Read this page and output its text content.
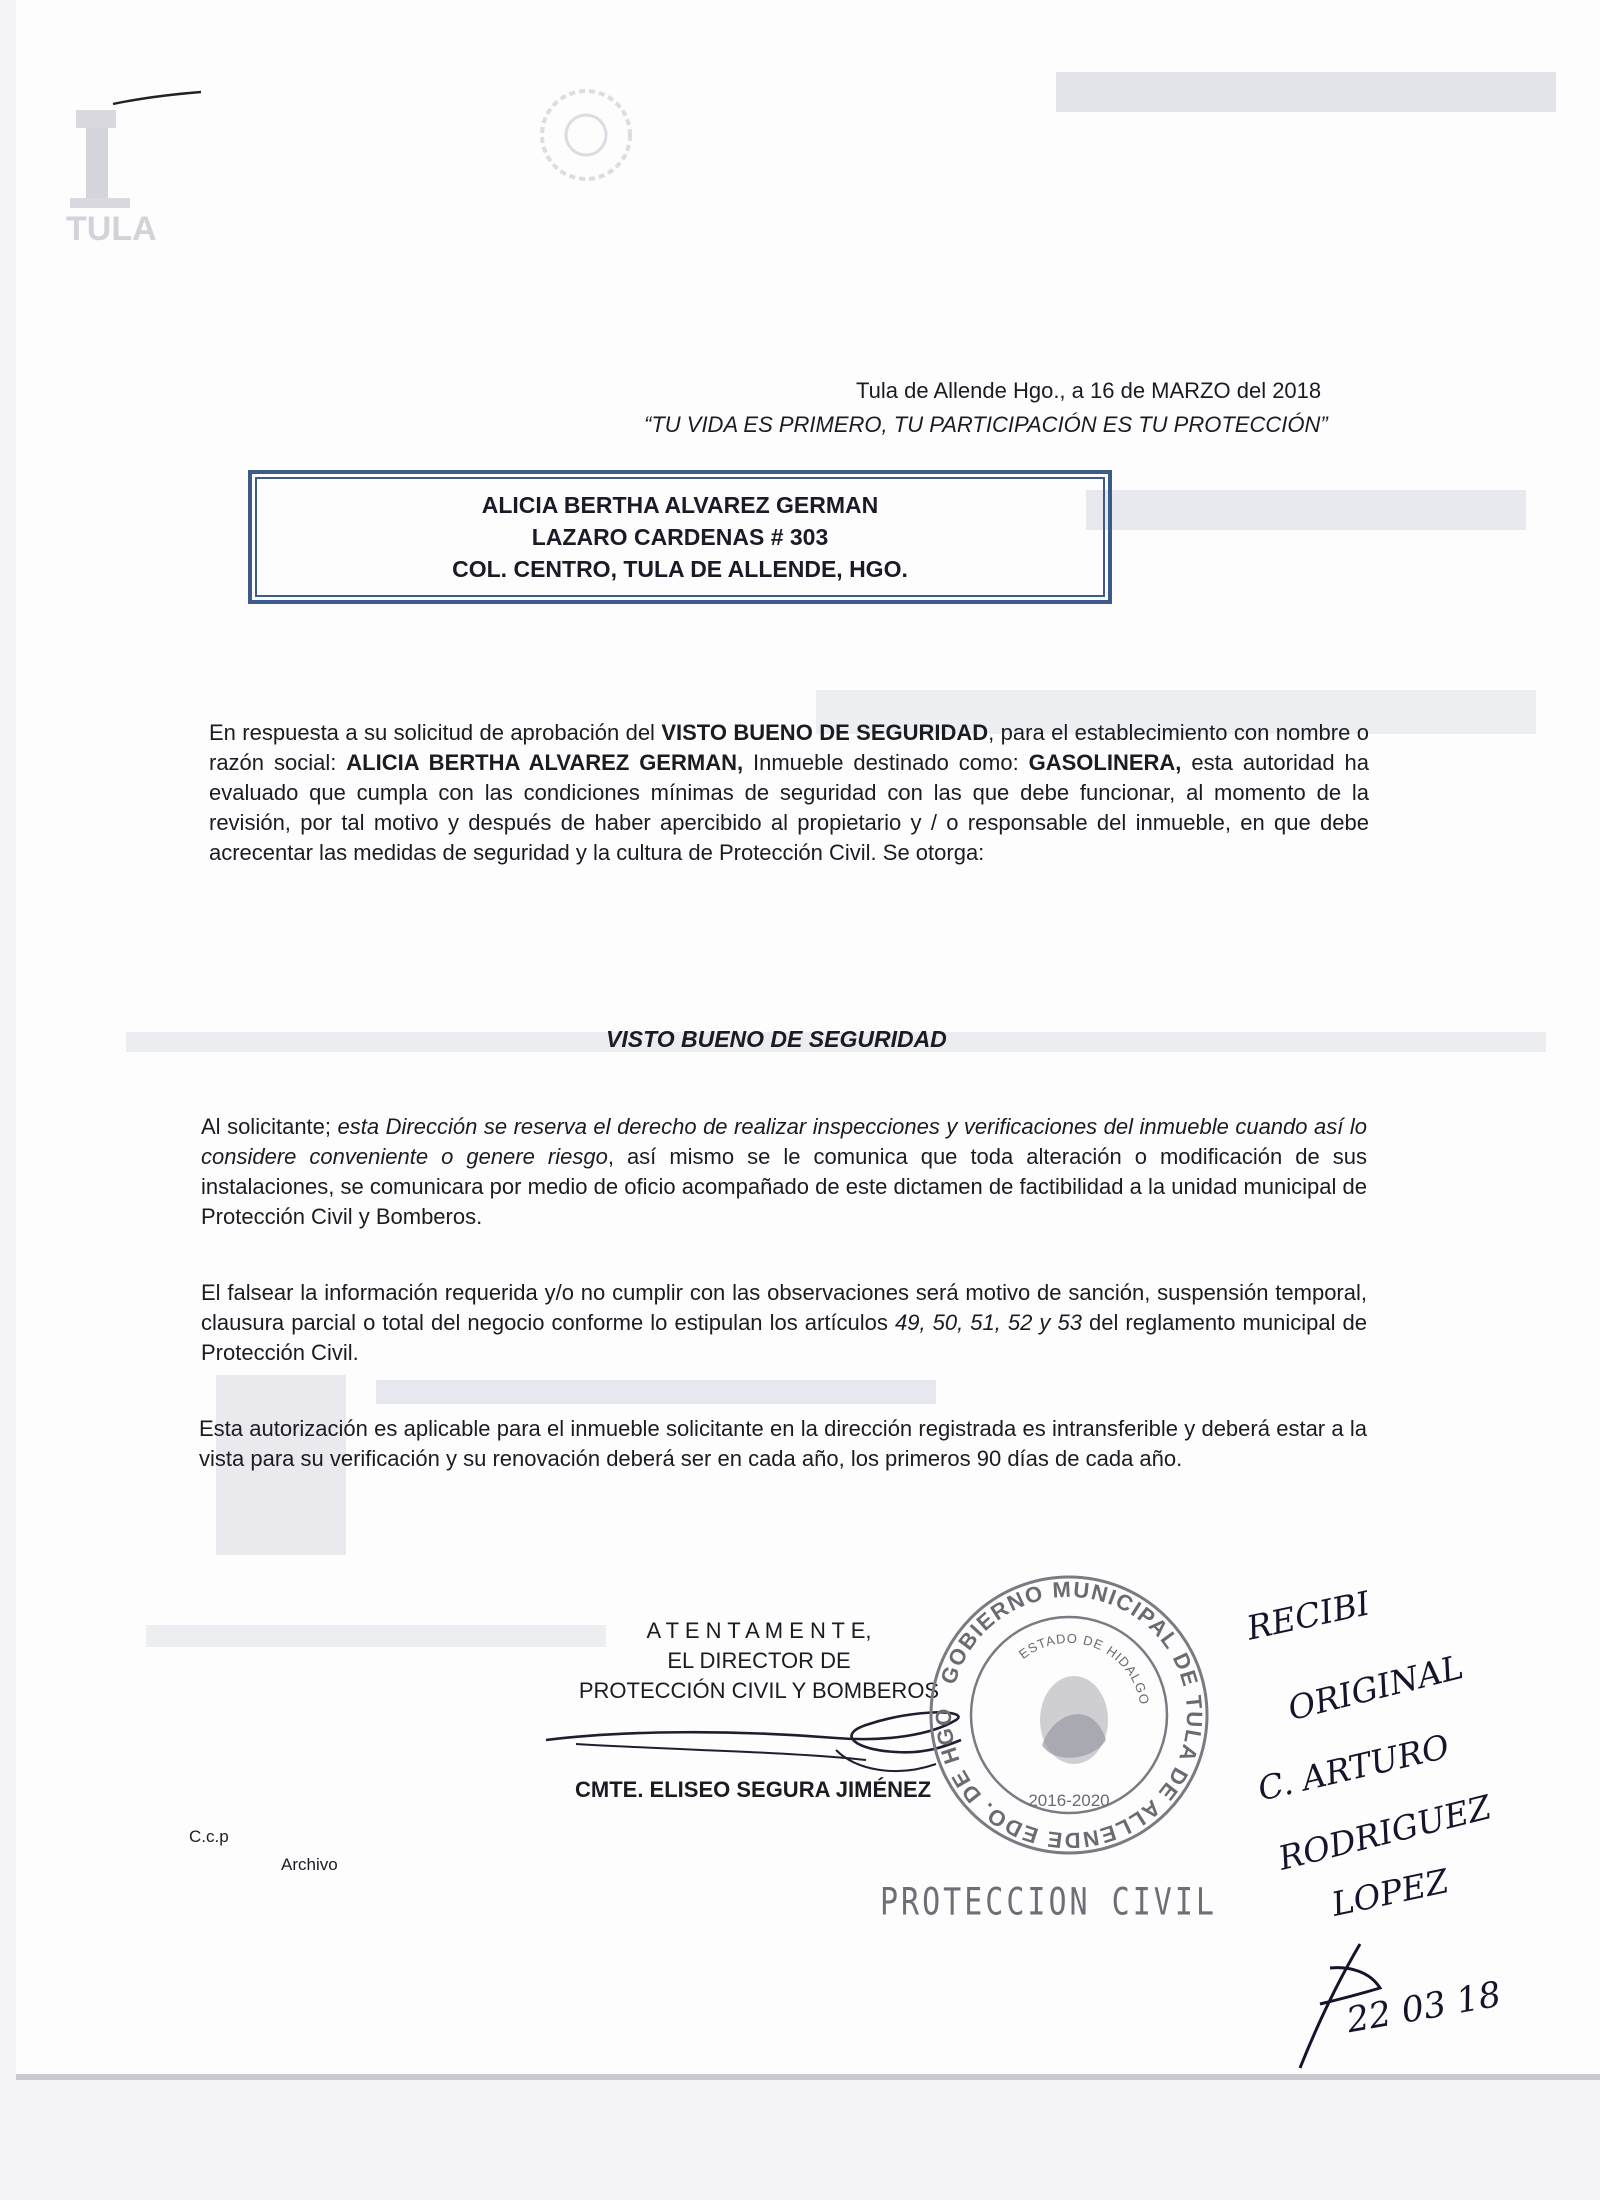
TULA

Tula de Allende Hgo., a 16 de MARZO del 2018

“TU VIDA ES PRIMERO, TU PARTICIPACIÓN ES TU PROTECCIÓN”

ALICIA BERTHA ALVAREZ GERMAN
LAZARO CARDENAS # 303
COL. CENTRO, TULA DE ALLENDE, HGO.

En respuesta a su solicitud de aprobación del VISTO BUENO DE SEGURIDAD, para el establecimiento con nombre o razón social: ALICIA BERTHA ALVAREZ GERMAN, Inmueble destinado como: GASOLINERA, esta autoridad ha evaluado que cumpla con las condiciones mínimas de seguridad con las que debe funcionar, al momento de la revisión, por tal motivo y después de haber apercibido al propietario y / o responsable del inmueble, en que debe acrecentar las medidas de seguridad y la cultura de Protección Civil. Se otorga:

VISTO BUENO DE SEGURIDAD

Al solicitante; esta Dirección se reserva el derecho de realizar inspecciones y verificaciones del inmueble cuando así lo considere conveniente o genere riesgo, así mismo se le comunica que toda alteración o modificación de sus instalaciones, se comunicara por medio de oficio acompañado de este dictamen de factibilidad a la unidad municipal de Protección Civil y Bomberos.

El falsear la información requerida y/o no cumplir con las observaciones será motivo de sanción, suspensión temporal, clausura parcial o total del negocio conforme lo estipulan los artículos 49, 50, 51, 52 y 53 del reglamento municipal de Protección Civil.

Esta autorización es aplicable para el inmueble solicitante en la dirección registrada es intransferible y deberá estar a la vista para su verificación y su renovación deberá ser en cada año, los primeros 90 días de cada año.

A T E N T A M E N T E,
EL DIRECTOR DE
PROTECCIÓN CIVIL Y BOMBEROS

CMTE. ELISEO SEGURA JIMÉNEZ

C.c.p

Archivo

GOBIERNO MUNICIPAL DE TULA DE ALLENDE EDO. DE HGO
ESTADO DE HIDALGO
2016-2020

PROTECCION CIVIL

RECIBI
ORIGINAL
C. ARTURO
RODRIGUEZ
LOPEZ
22 03 18
